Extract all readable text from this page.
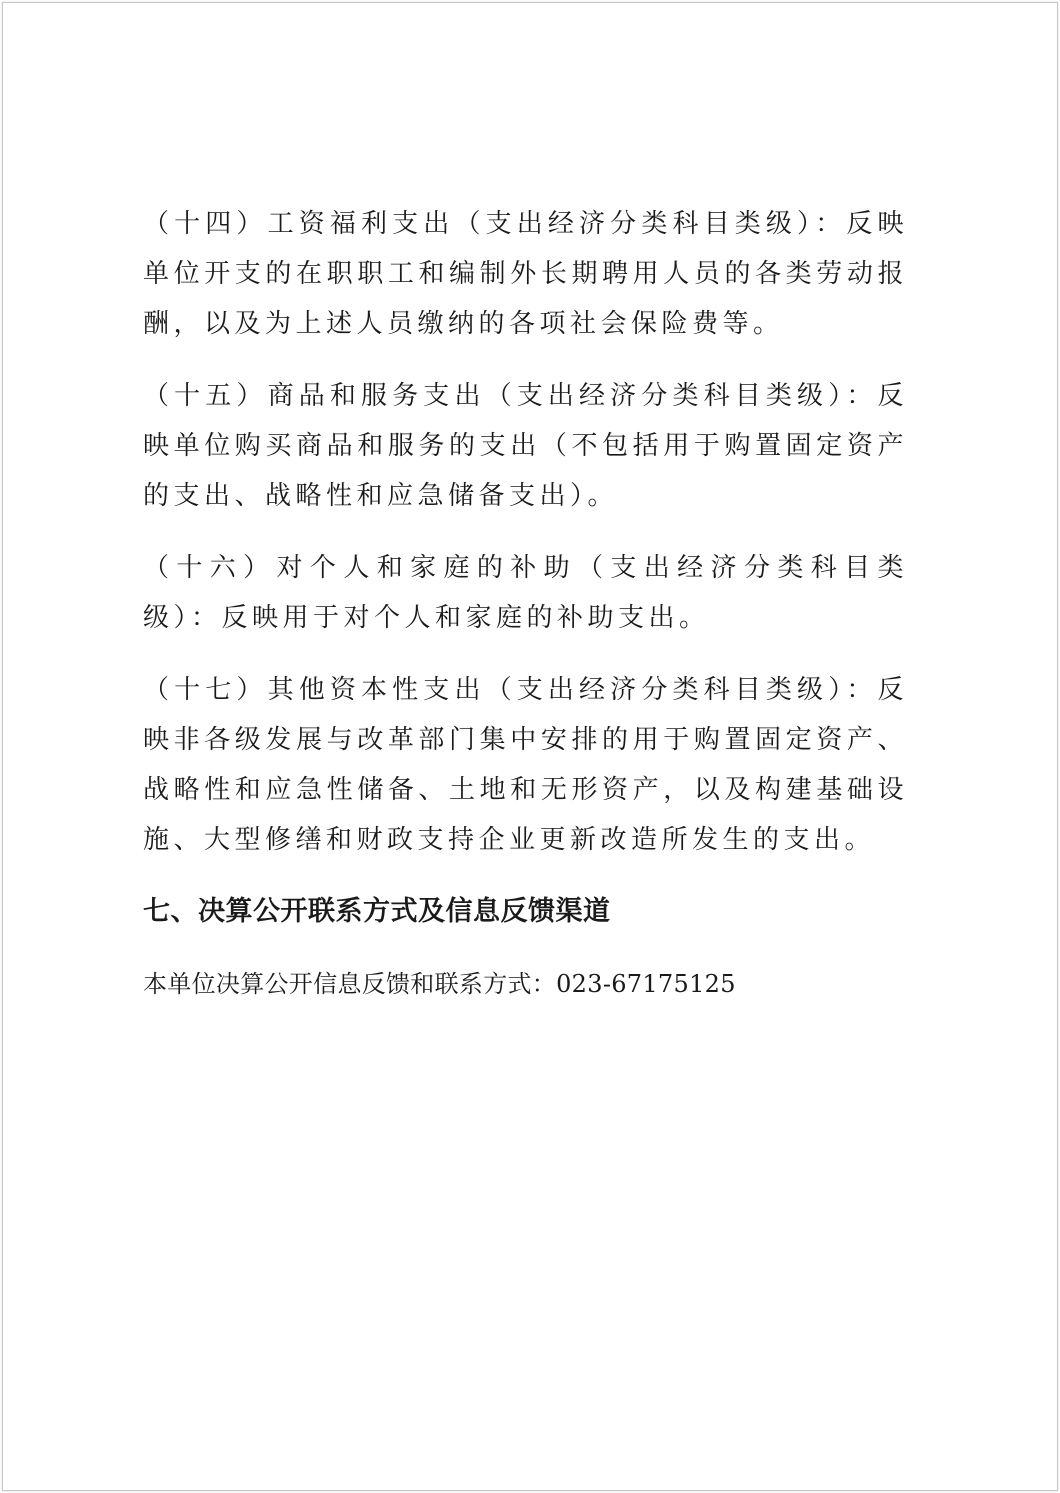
（十四）工资福利支出（支出经济分类科目类级）：反映单位开支的在职职工和编制外长期聘用人员的各类劳动报酬，以及为上述人员缴纳的各项社会保险费等。

（十五）商品和服务支出（支出经济分类科目类级）：反映单位购买商品和服务的支出（不包括用于购置固定资产的支出、战略性和应急储备支出）。

（十六）对个人和家庭的补助（支出经济分类科目类级）：反映用于对个人和家庭的补助支出。

（十七）其他资本性支出（支出经济分类科目类级）：反映非各级发展与改革部门集中安排的用于购置固定资产、战略性和应急性储备、土地和无形资产，以及构建基础设施、大型修缮和财政支持企业更新改造所发生的支出。

七、决算公开联系方式及信息反馈渠道

本单位决算公开信息反馈和联系方式：023-67175125
